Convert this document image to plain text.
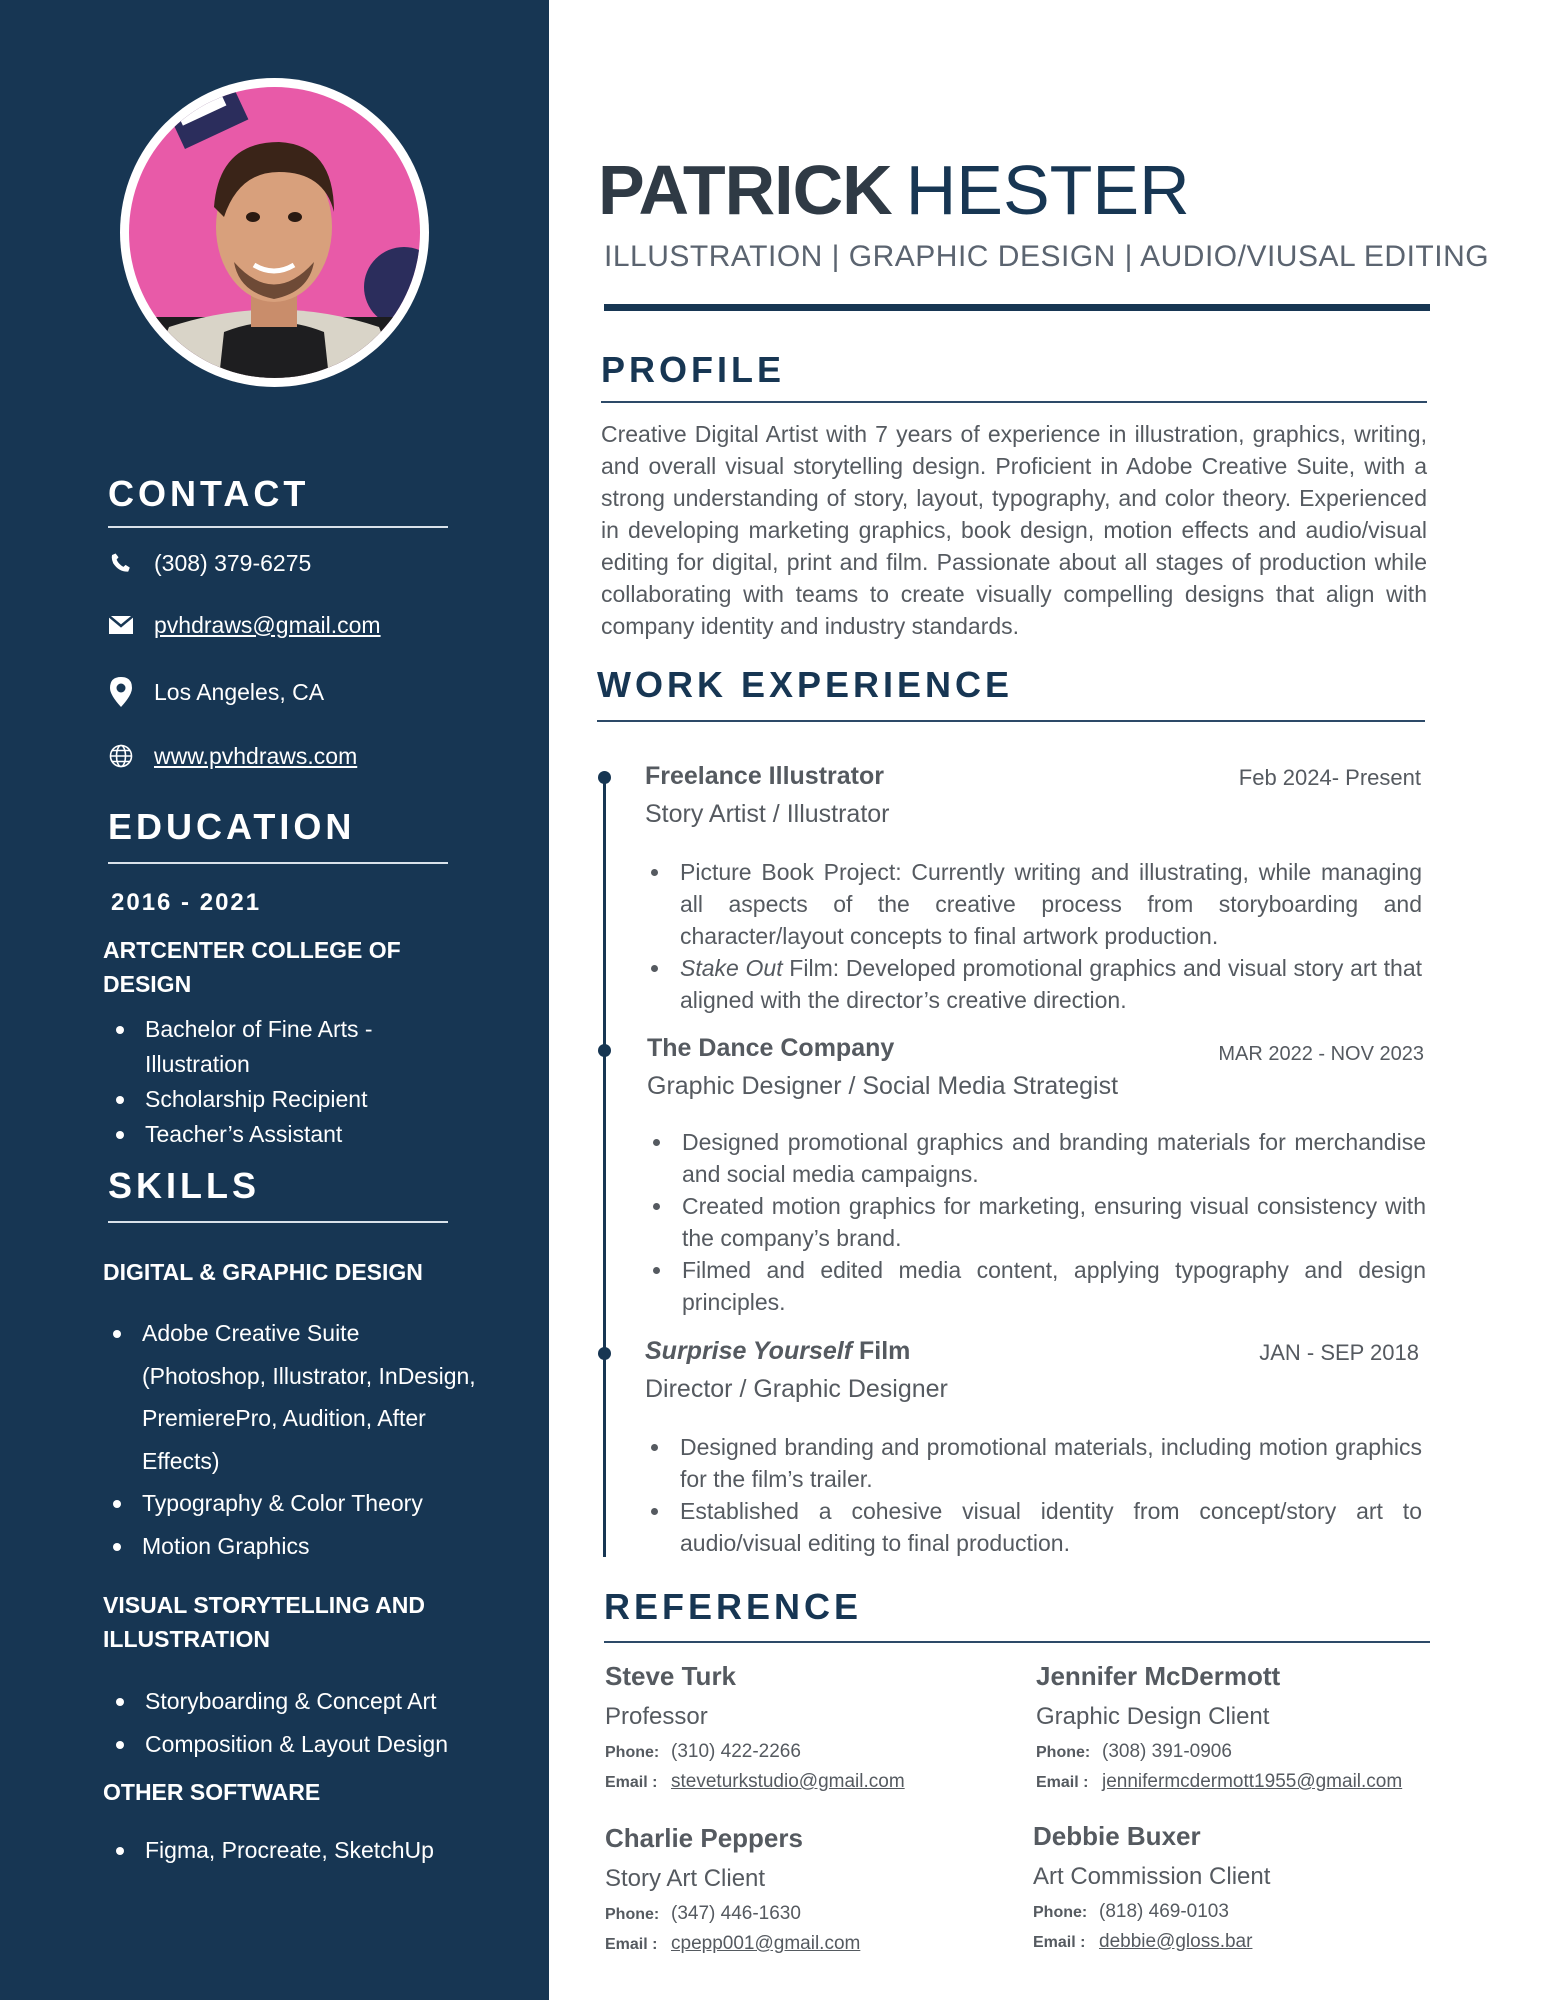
CONTACT
(308) 379-6275
pvhdraws@gmail.com
Los Angeles, CA
www.pvhdraws.com
EDUCATION
2016 - 2021
ARTCENTER COLLEGE OF DESIGN
Bachelor of Fine Arts - Illustration
Scholarship Recipient
Teacher’s Assistant
SKILLS
DIGITAL & GRAPHIC DESIGN
Adobe Creative Suite (Photoshop, Illustrator, InDesign, PremierePro, Audition, After Effects)
Typography & Color Theory
Motion Graphics
VISUAL STORYTELLING AND ILLUSTRATION
Storyboarding & Concept Art
Composition & Layout Design
OTHER SOFTWARE
Figma, Procreate, SketchUp
PATRICK HESTER
ILLUSTRATION | GRAPHIC DESIGN | AUDIO/VIUSAL EDITING
PROFILE
Creative Digital Artist with 7 years of experience in illustration, graphics, writing, and overall visual storytelling design. Proficient in Adobe Creative Suite, with a strong understanding of story, layout, typography, and color theory. Experienced in developing marketing graphics, book design, motion effects and audio/visual editing for digital, print and film. Passionate about all stages of production while collaborating with teams to create visually compelling designs that align with company identity and industry standards.
WORK EXPERIENCE
Freelance Illustrator	Feb 2024- Present
Story Artist / Illustrator
Picture Book Project: Currently writing and illustrating, while managing all aspects of the creative process from storyboarding and character/layout concepts to final artwork production.
Stake Out Film: Developed promotional graphics and visual story art that aligned with the director’s creative direction.
The Dance Company	MAR 2022 - NOV 2023
Graphic Designer / Social Media Strategist
Designed promotional graphics and branding materials for merchandise and social media campaigns.
Created motion graphics for marketing, ensuring visual consistency with the company’s brand.
Filmed and edited media content, applying typography and design principles.
Surprise Yourself Film	JAN - SEP 2018
Director / Graphic Designer
Designed branding and promotional materials, including motion graphics for the film’s trailer.
Established a cohesive visual identity from concept/story art to audio/visual editing to final production.
REFERENCE
Steve Turk
Professor
Phone: (310) 422-2266
Email : steveturkstudio@gmail.com
Jennifer McDermott
Graphic Design Client
Phone: (308) 391-0906
Email : jennifermcdermott1955@gmail.com
Charlie Peppers
Story Art Client
Phone: (347) 446-1630
Email : cpepp001@gmail.com
Debbie Buxer
Art Commission Client
Phone: (818) 469-0103
Email : debbie@gloss.bar
